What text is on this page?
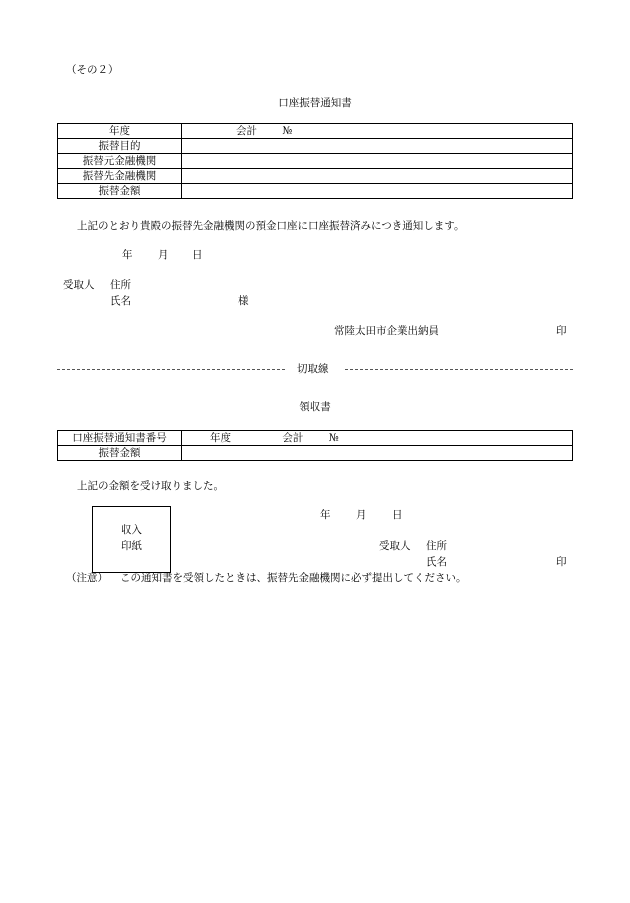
（その２）
口座振替通知書
年度	会計 №
振替目的	
振替元金融機関	
振替先金融機関	
振替金額	
上記のとおり貴殿の振替先金融機関の預金口座に口座振替済みにつき通知します。
年 月 日
受取人 住所
氏名	様
常陸太田市企業出納員	印
切取線
領収書
口座振替通知書番号	年度 会計 №
振替金額	
上記の金額を受け取りました。
収入
印紙
年 月 日
受取人 住所
氏名	印
（注意） この通知書を受領したときは、振替先金融機関に必ず提出してください。
